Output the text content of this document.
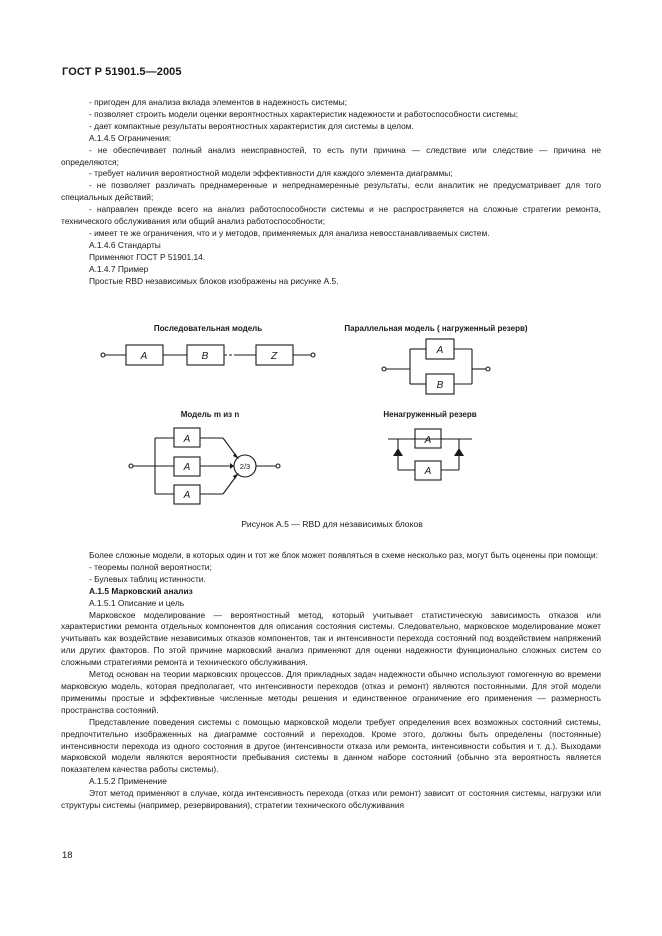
ГОСТ Р 51901.5—2005

- пригоден для анализа вклада элементов в надежность системы;

- позволяет строить модели оценки вероятностных характеристик надежности и работоспособности системы;

- дает компактные результаты вероятностных характеристик для системы в целом.

А.1.4.5 Ограничения:

- не обеспечивает полный анализ неисправностей, то есть пути причина — следствие или следствие — причина не определяются;

- требует наличия вероятностной модели эффективности для каждого элемента диаграммы;

- не позволяет различать преднамеренные и непреднамеренные результаты, если аналитик не предусматривает для того специальных действий;

- направлен прежде всего на анализ работоспособности системы и не распространяется на сложные стратегии ремонта, технического обслуживания или общий анализ работоспособности;

- имеет те же ограничения, что и у методов, применяемых для анализа невосстанавливаемых систем.

А.1.4.6 Стандарты

Применяют ГОСТ Р 51901.14.

А.1.4.7 Пример

Простые RBD независимых блоков изображены на рисунке А.5.

Последовательная модель	Параллельная модель ( нагруженный резерв)
Модель m из n	Ненагруженный резерв
A	B	Z
A
B
A
A
A
2/3
A
A
Рисунок А.5 — RBD для независимых блоков

Более сложные модели, в которых один и тот же блок может появляться в схеме несколько раз, могут быть оценены при помощи:

- теоремы полной вероятности;

- Булевых таблиц истинности.

А.1.5 Марковский анализ

А.1.5.1 Описание и цель

Марковское моделирование — вероятностный метод, который учитывает статистическую зависимость отказов или характеристики ремонта отдельных компонентов для описания состояния системы. Следовательно, марковское моделирование может учитывать как воздействие независимых отказов компонентов, так и интенсивности перехода состояний под воздействием напряжений или других факторов. По этой причине марковский анализ применяют для оценки надежности функционально сложных систем со сложными стратегиями ремонта и технического обслуживания.

Метод основан на теории марковских процессов. Для прикладных задач надежности обычно используют гомогенную во времени марковскую модель, которая предполагает, что интенсивности переходов (отказ и ремонт) являются постоянными. Для этой модели применимы простые и эффективные численные методы решения и единственное ограничение его применения — размерность пространства состояний.

Представление поведения системы с помощью марковской модели требует определения всех возможных состояний системы, предпочтительно изображенных на диаграмме состояний и переходов. Кроме этого, должны быть определены (постоянные) интенсивности перехода из одного состояния в другое (интенсивности отказа или ремонта, интенсивности события и т. д.). Выходами марковской модели являются вероятности пребывания системы в данном наборе состояний (обычно эта вероятность является показателем качества работы системы).

А.1.5.2 Применение

Этот метод применяют в случае, когда интенсивность перехода (отказ или ремонт) зависит от состояния системы, нагрузки или структуры системы (например, резервирования), стратегии технического обслуживания

18
